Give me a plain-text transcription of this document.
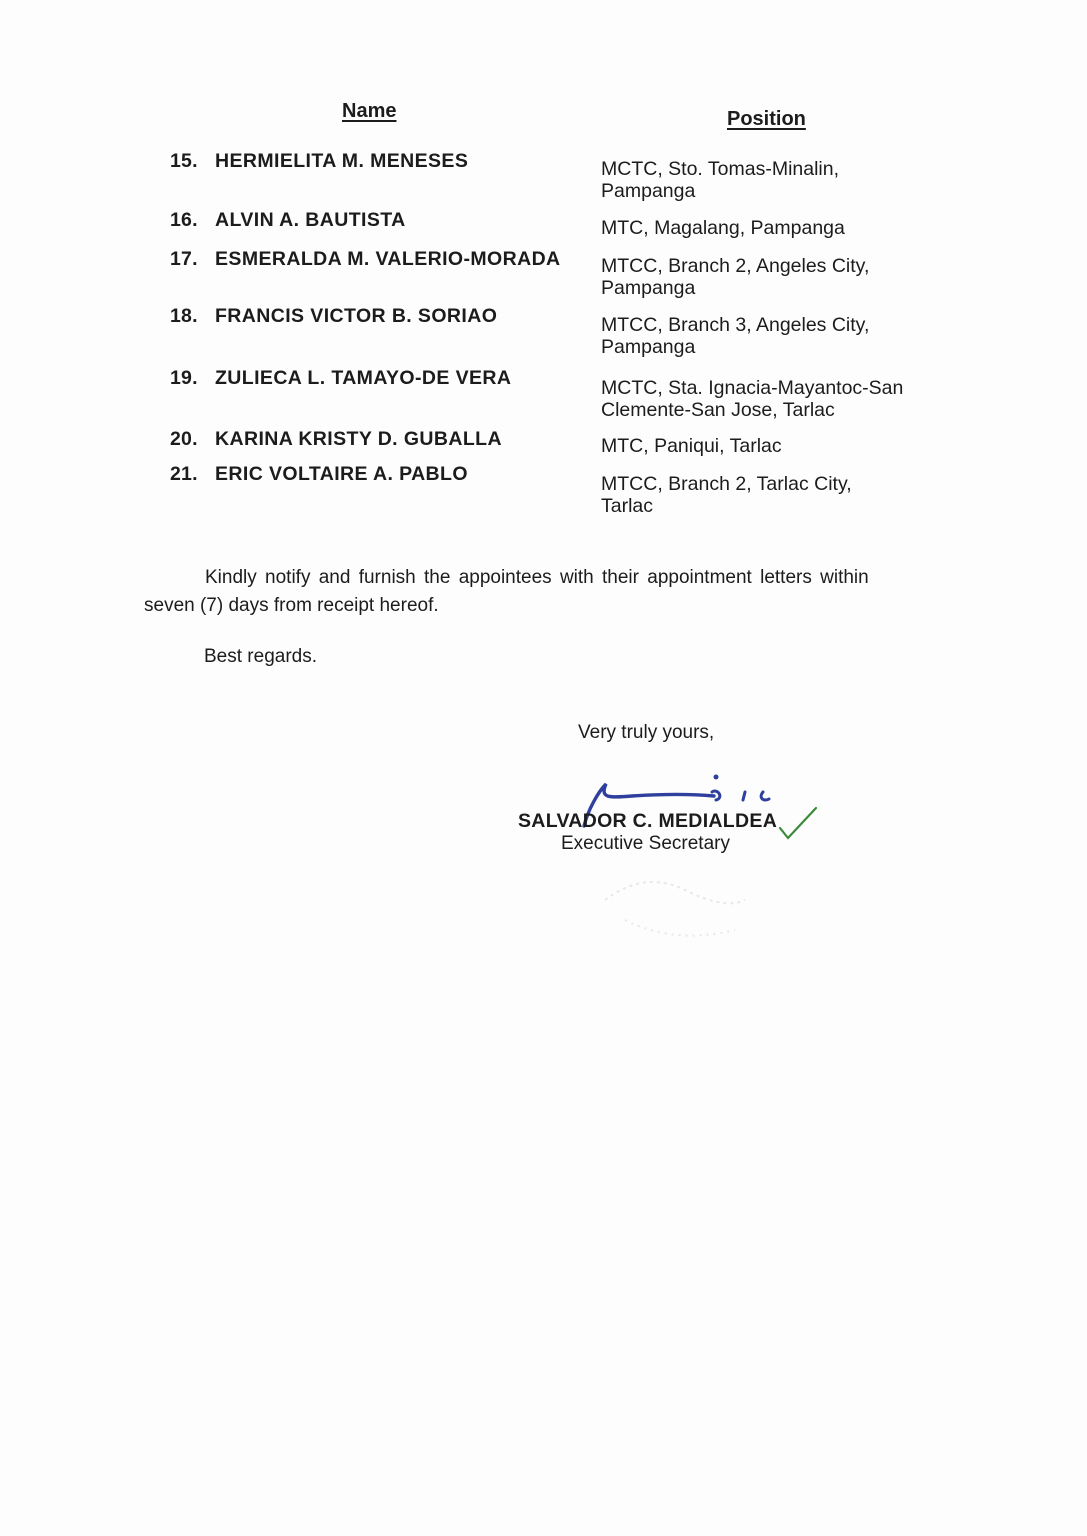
Name	Position
15. HERMIELITA M. MENESES	MCTC, Sto. Tomas-Minalin,
Pampanga
16. ALVIN A. BAUTISTA	MTC, Magalang, Pampanga
17. ESMERALDA M. VALERIO-MORADA MTCC, Branch 2, Angeles City,
Pampanga
18. FRANCIS VICTOR B. SORIAO	MTCC, Branch 3, Angeles City,
Pampanga
19. ZULIECA L. TAMAYO-DE VERA	MCTC, Sta. Ignacia-Mayantoc-San
Clemente-San Jose, Tarlac
20. KARINA KRISTY D. GUBALLA	MTC, Paniqui, Tarlac
21. ERIC VOLTAIRE A. PABLO	MTCC, Branch 2, Tarlac City,
Tarlac
Kindly notify and furnish the appointees with their appointment letters within
seven (7) days from receipt hereof.
Best regards.
Very truly yours,
SALVADOR C. MEDIALDEA
Executive Secretary
